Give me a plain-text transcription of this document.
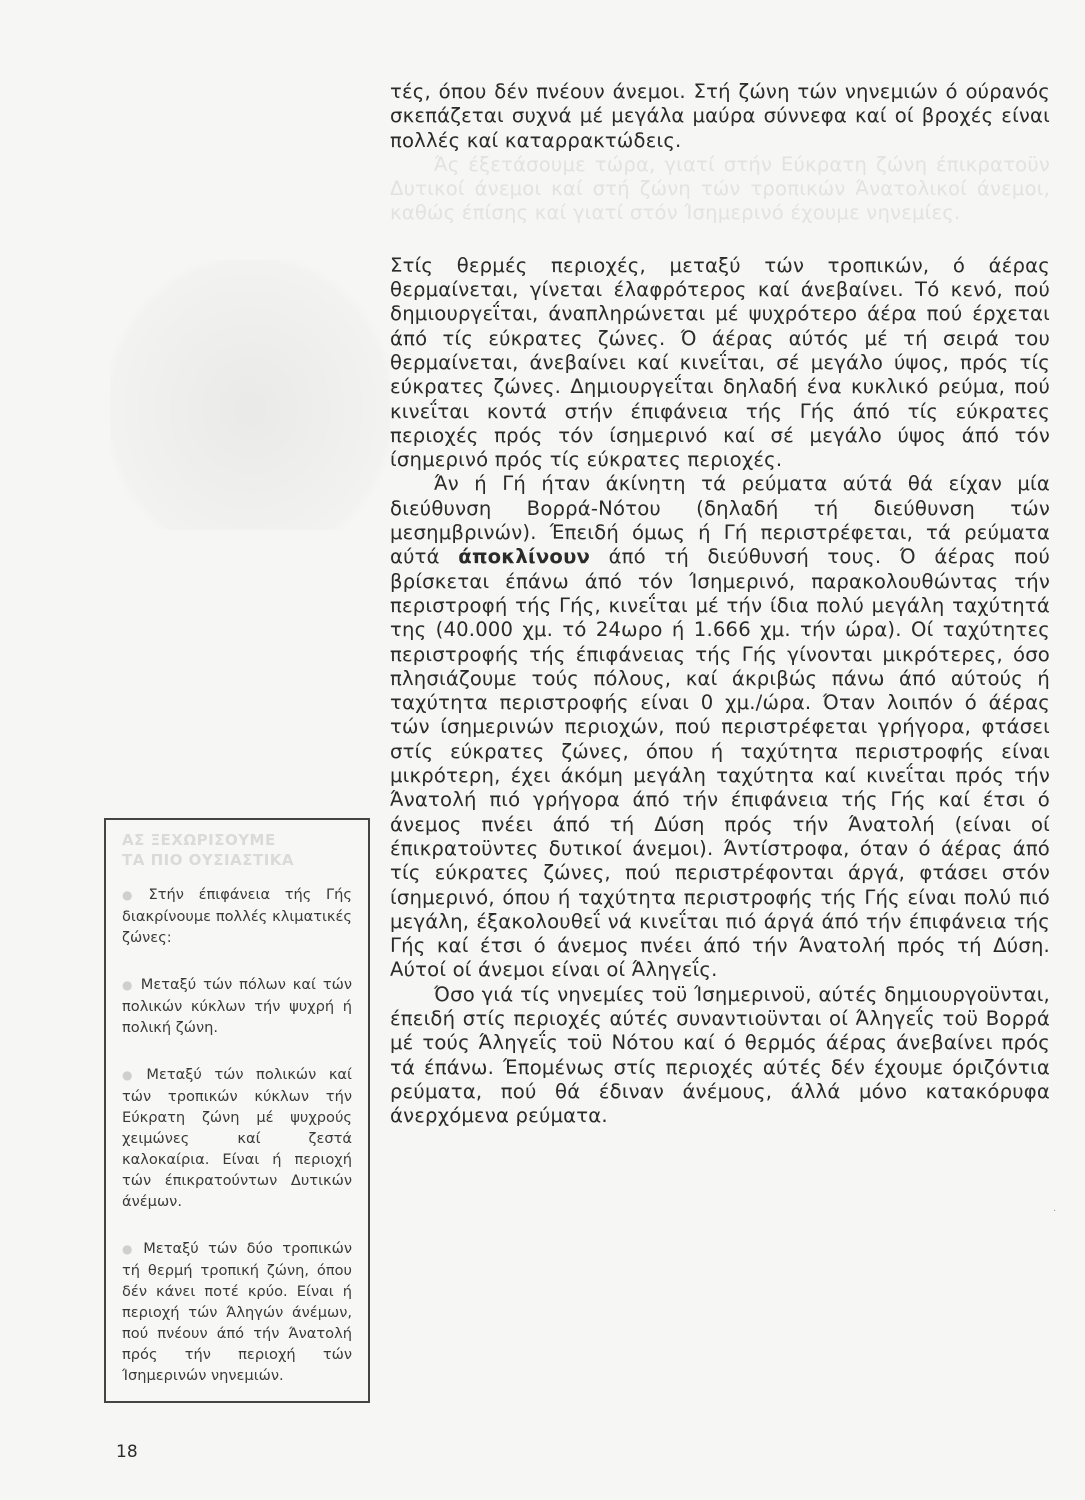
τές, όπου δέν πνέουν άνεμοι. Στή ζώνη τών νηνεμιών ό ούρανός σκεπάζεται συχνά μέ μεγάλα μαύρα σύννεφα καί οί βροχές είναι πολλές καί καταρρακτώδεις.

Άς έξετάσουμε τώρα, γιατί στήν Εύκρατη ζώνη έπικρατοϋν Δυτικοί άνεμοι καί στή ζώνη τών τροπικών Άνατολικοί άνεμοι, καθώς έπίσης καί γιατί στόν Ίσημερινό έχουμε νηνεμίες.

Στίς θερμές περιοχές, μεταξύ τών τροπικών, ό άέρας θερμαίνεται, γίνεται έλαφρότερος καί άνεβαίνει. Τό κενό, πού δημιουργεΐται, άναπληρώνεται μέ ψυχρότερο άέρα πού έρχεται άπό τίς εύκρατες ζώνες. Ό άέρας αύτός μέ τή σειρά του θερμαίνεται, άνεβαίνει καί κινεΐται, σέ μεγάλο ύψος, πρός τίς εύκρατες ζώνες. Δημιουργεΐται δηλαδή ένα κυκλικό ρεύμα, πού κινεΐται κοντά στήν έπιφάνεια τής Γής άπό τίς εύκρατες περιοχές πρός τόν ίσημερινό καί σέ μεγάλο ύψος άπό τόν ίσημερινό πρός τίς εύκρατες περιοχές.

Άν ή Γή ήταν άκίνητη τά ρεύματα αύτά θά είχαν μία διεύθυνση Βορρά-Νότου (δηλαδή τή διεύθυνση τών μεσημβρινών). Έπειδή όμως ή Γή περιστρέφεται, τά ρεύματα αύτά άποκλίνουν άπό τή διεύθυνσή τους. Ό άέρας πού βρίσκεται έπάνω άπό τόν Ίσημερινό, παρακολουθώντας τήν περιστροφή τής Γής, κινεΐται μέ τήν ίδια πολύ μεγάλη ταχύτητά της (40.000 χμ. τό 24ωρο ή 1.666 χμ. τήν ώρα). Οί ταχύτητες περιστροφής τής έπιφάνειας τής Γής γίνονται μικρότερες, όσο πλησιάζουμε τούς πόλους, καί άκριβώς πάνω άπό αύτούς ή ταχύτητα περιστροφής είναι 0 χμ./ώρα. Όταν λοιπόν ό άέρας τών ίσημερινών περιοχών, πού περιστρέφεται γρήγορα, φτάσει στίς εύκρατες ζώνες, όπου ή ταχύτητα περιστροφής είναι μικρότερη, έχει άκόμη μεγάλη ταχύτητα καί κινεΐται πρός τήν Άνατολή πιό γρήγορα άπό τήν έπιφάνεια τής Γής καί έτσι ό άνεμος πνέει άπό τή Δύση πρός τήν Άνατολή (είναι οί έπικρατοϋντες δυτικοί άνεμοι). Άντίστροφα, όταν ό άέρας άπό τίς εύκρατες ζώνες, πού περιστρέφονται άργά, φτάσει στόν ίσημερινό, όπου ή ταχύτητα περιστροφής τής Γής είναι πολύ πιό μεγάλη, έξακολουθεΐ νά κινεΐται πιό άργά άπό τήν έπιφάνεια τής Γής καί έτσι ό άνεμος πνέει άπό τήν Άνατολή πρός τή Δύση. Αύτοί οί άνεμοι είναι οί Άληγεΐς.

Όσο γιά τίς νηνεμίες τοϋ Ίσημερινοϋ, αύτές δημιουργοϋνται, έπειδή στίς περιοχές αύτές συναντιοϋνται οί Άληγεΐς τοϋ Βορρά μέ τούς Άληγεΐς τοϋ Νότου καί ό θερμός άέρας άνεβαίνει πρός τά έπάνω. Έπομένως στίς περιοχές αύτές δέν έχουμε όριζόντια ρεύματα, πού θά έδιναν άνέμους, άλλά μόνο κατακόρυφα άνερχόμενα ρεύματα.

ΑΣ ΞΕΧΩΡΙΣΟΥΜΕ
ΤΑ ΠΙΟ ΟΥΣΙΑΣΤΙΚΑ
● Στήν έπιφάνεια τής Γής διακρίνουμε πολλές κλιματικές ζώνες:
● Μεταξύ τών πόλων καί τών πολικών κύκλων τήν ψυχρή ή πολική ζώνη.
● Μεταξύ τών πολικών καί τών τροπικών κύκλων τήν Εύκρατη ζώνη μέ ψυχρούς χειμώνες καί ζεστά καλοκαίρια. Είναι ή περιοχή τών έπικρατούντων Δυτικών άνέμων.
● Μεταξύ τών δύο τροπικών τή θερμή τροπική ζώνη, όπου δέν κάνει ποτέ κρύο. Είναι ή περιοχή τών Άληγών άνέμων, πού πνέουν άπό τήν Άνατολή πρός τήν περιοχή τών Ίσημερινών νηνεμιών.
18
·
